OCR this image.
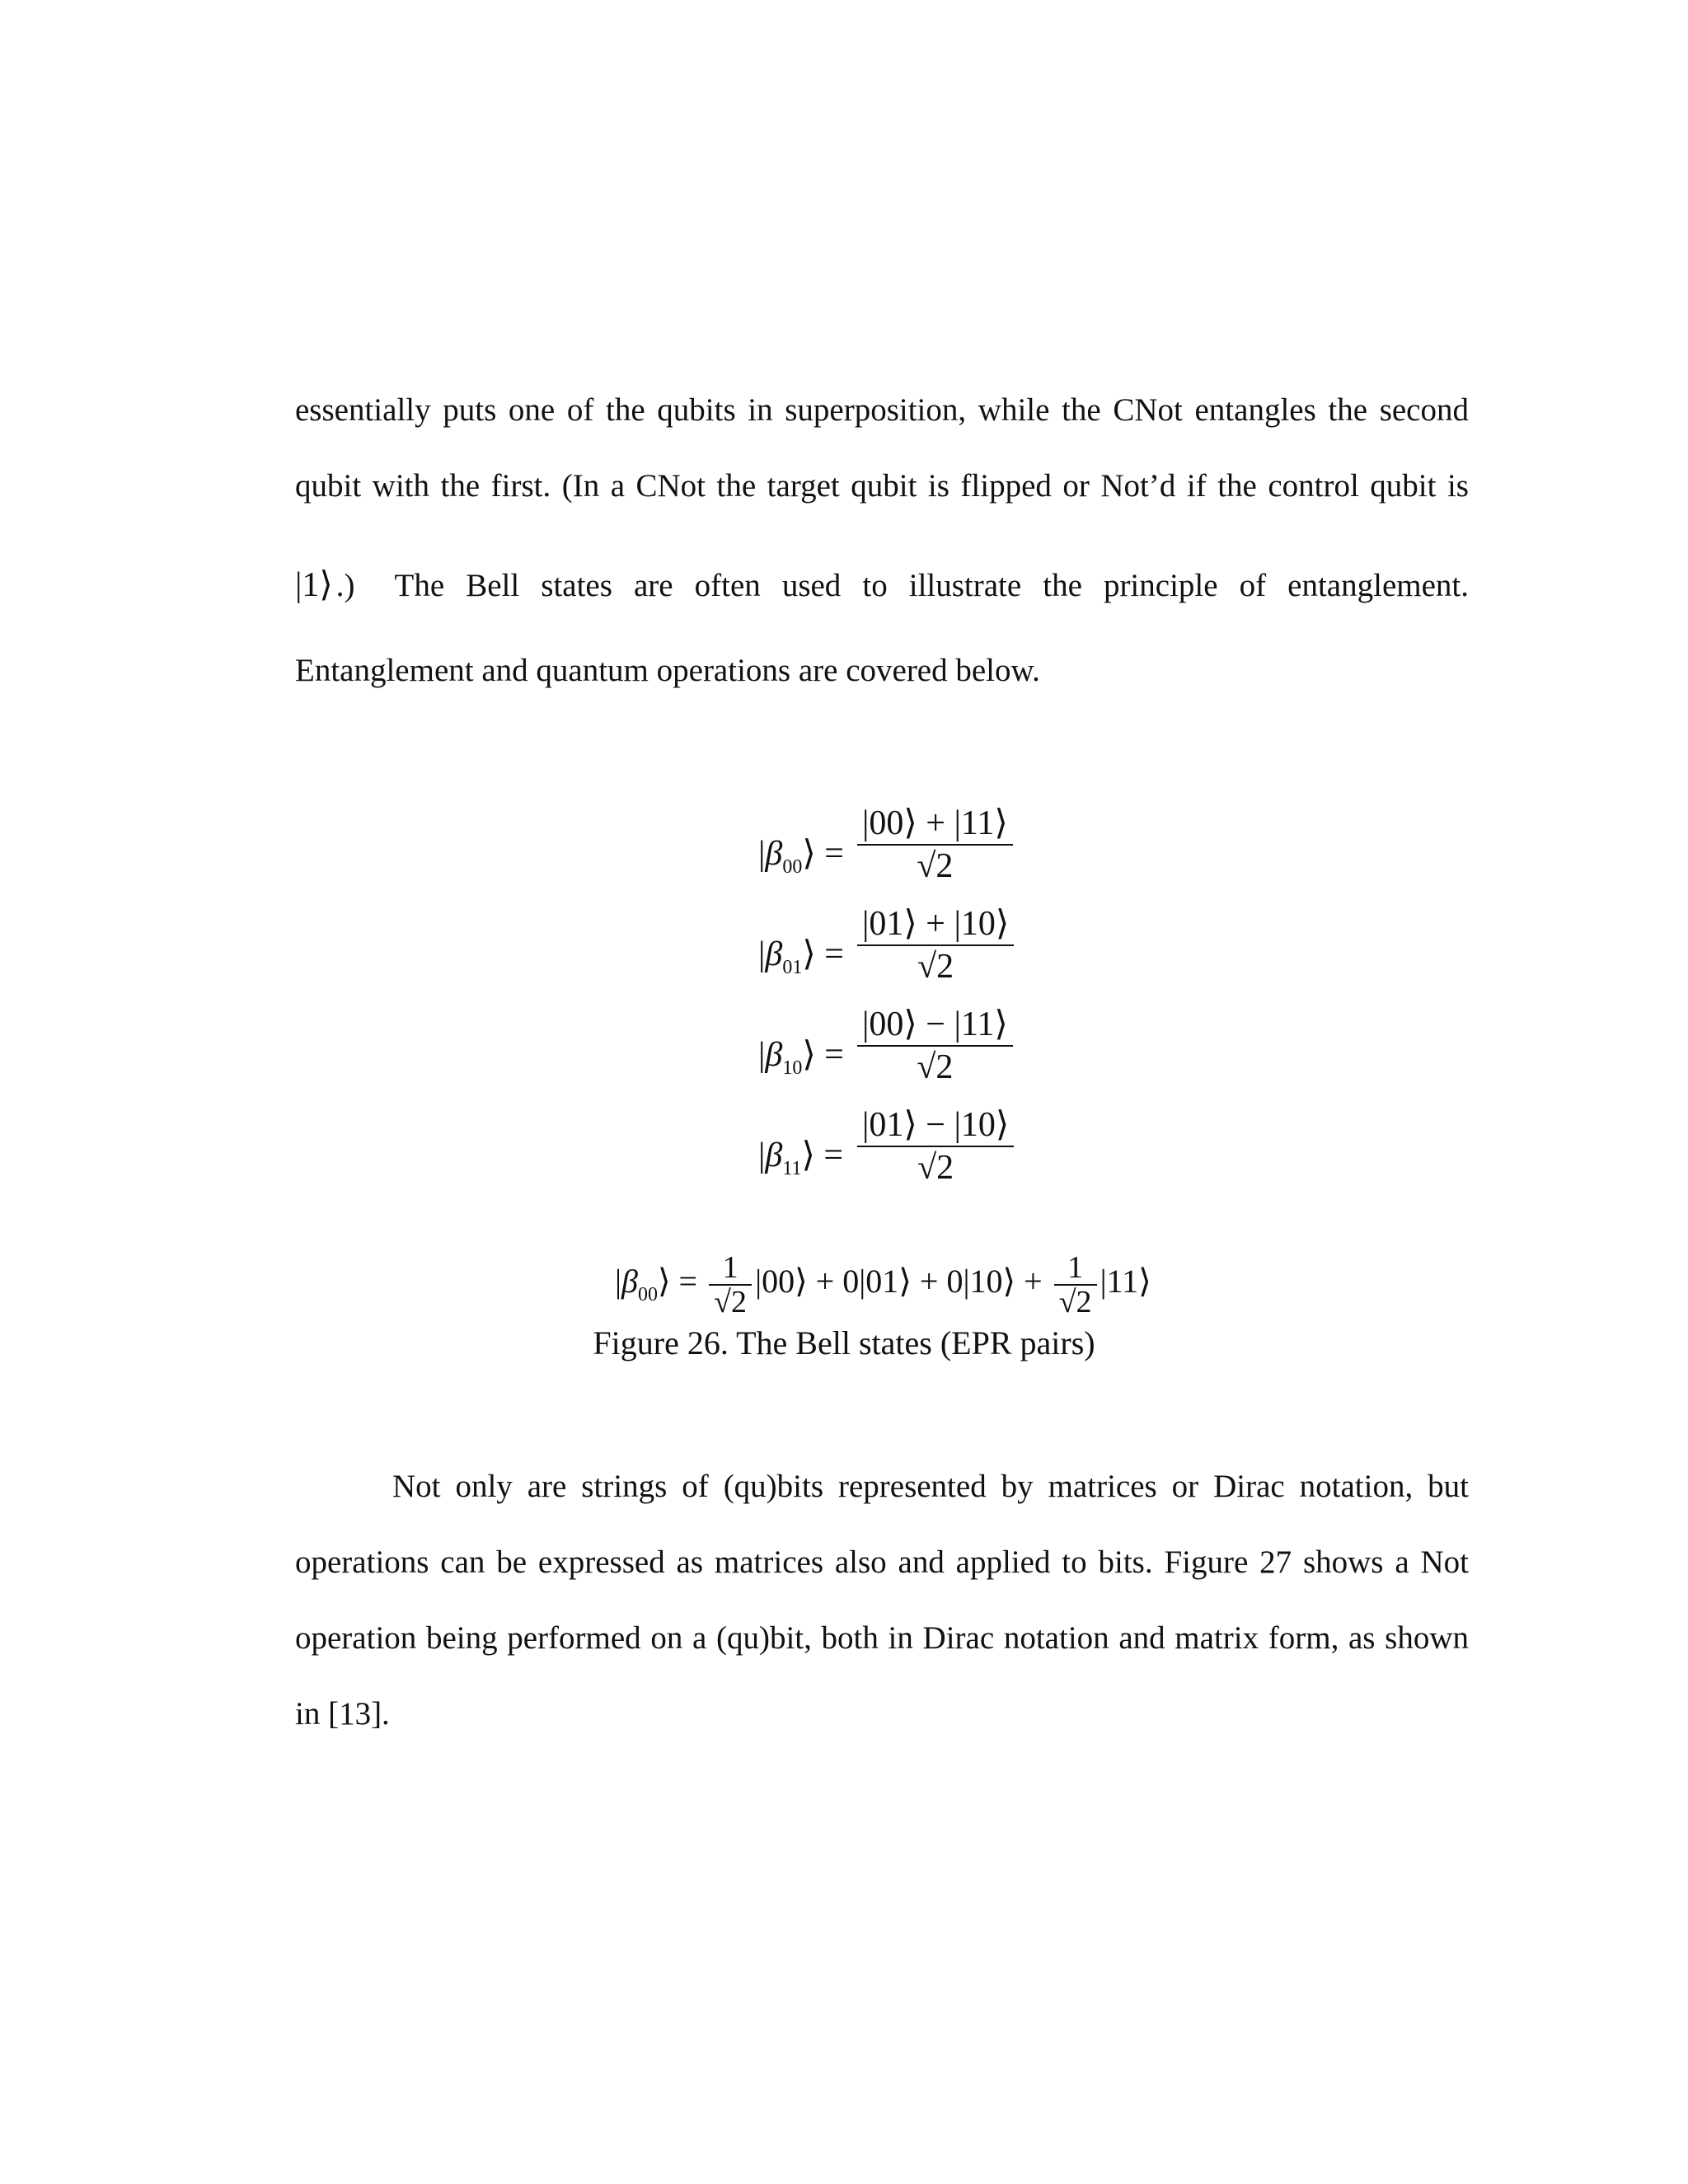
essentially puts one of the qubits in superposition, while the CNot entangles the second
qubit with the first. (In a CNot the target qubit is flipped or Not’d if the control qubit is
|1⟩ .) The Bell states are often used to illustrate the principle of entanglement.
Entanglement and quantum operations are covered below.
$|\beta_{00}⟩$ =
|00⟩ + |11⟩
√2
$|\beta_{01}⟩$ =
|01⟩ + |10⟩
√2
$|\beta_{10}⟩$ =
|00⟩ − |11⟩
√2
$|\beta_{11}⟩$ =
|01⟩ − |10⟩
√2
$|\beta_{00}⟩ = \frac{1}{√2}$ |00⟩ + 0|01⟩ + 0|10⟩ + $\frac{1}{√2}$ |11⟩
Figure 26. The Bell states (EPR pairs)
Not only are strings of (qu)bits represented by matrices or Dirac notation, but
operations can be expressed as matrices also and applied to bits. Figure 27 shows a Not
operation being performed on a (qu)bit, both in Dirac notation and matrix form, as shown
in [13].
